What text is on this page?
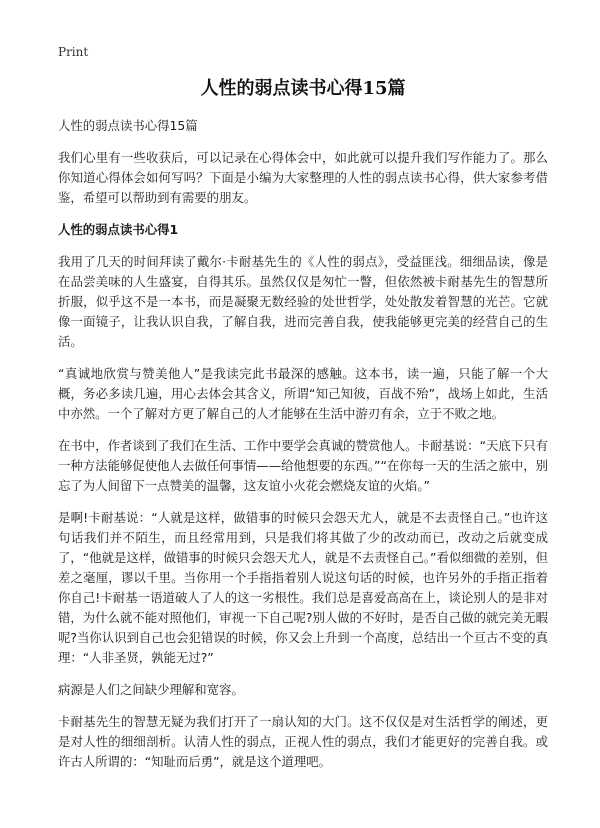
Print
人性的弱点读书心得15篇
人性的弱点读书心得15篇
我们心里有一些收获后，可以记录在心得体会中，如此就可以提升我们写作能力了。那么你知道心得体会如何写吗？下面是小编为大家整理的人性的弱点读书心得，供大家参考借鉴，希望可以帮助到有需要的朋友。
人性的弱点读书心得1
我用了几天的时间拜读了戴尔·卡耐基先生的《人性的弱点》，受益匪浅。细细品读，像是在品尝美味的人生盛宴，自得其乐。虽然仅仅是匆忙一瞥，但依然被卡耐基先生的智慧所折服，似乎这不是一本书，而是凝聚无数经验的处世哲学，处处散发着智慧的光芒。它就像一面镜子，让我认识自我，了解自我，进而完善自我，使我能够更完美的经营自己的生活。
“真诚地欣赏与赞美他人”是我读完此书最深的感触。这本书，读一遍，只能了解一个大概，务必多读几遍，用心去体会其含义，所谓“知己知彼，百战不殆”，战场上如此，生活中亦然。一个了解对方更了解自己的人才能够在生活中游刃有余，立于不败之地。
在书中，作者谈到了我们在生活、工作中要学会真诚的赞赏他人。卡耐基说：“天底下只有一种方法能够促使他人去做任何事情——给他想要的东西。”“在你每一天的生活之旅中，别忘了为人间留下一点赞美的温馨，这友谊小火花会燃烧友谊的火焰。”
是啊!卡耐基说：“人就是这样，做错事的时候只会怨天尤人，就是不去责怪自己。”也许这句话我们并不陌生，而且经常用到，只是我们将其做了少的改动而已，改动之后就变成了，“他就是这样，做错事的时候只会怨天尤人，就是不去责怪自己。”看似细微的差别，但差之毫厘，谬以千里。当你用一个手指指着别人说这句话的时候，也许另外的手指正指着你自己!卡耐基一语道破人了人的这一劣根性。我们总是喜爱高高在上，谈论别人的是非对错，为什么就不能对照他们，审视一下自己呢?别人做的不好时，是否自己做的就完美无暇呢?当你认识到自己也会犯错误的时候，你又会上升到一个高度，总结出一个亘古不变的真理：“人非圣贤，孰能无过?”
病源是人们之间缺少理解和宽容。
卡耐基先生的智慧无疑为我们打开了一扇认知的大门。这不仅仅是对生活哲学的阐述，更是对人性的细细剖析。认清人性的弱点，正视人性的弱点，我们才能更好的完善自我。或许古人所谓的：“知耻而后勇”，就是这个道理吧。
